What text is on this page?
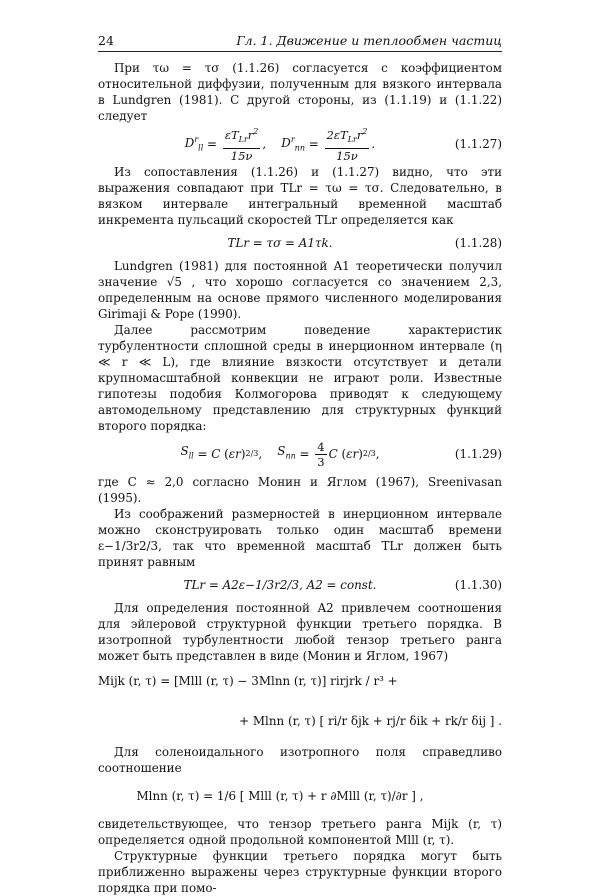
24	Гл. 1. Движение и теплообмен частиц

При τω = τσ (1.1.26) согласуется с коэффициентом относительной диффузии, полученным для вязкого интервала в Lundgren (1981). С другой стороны, из (1.1.19) и (1.1.22) следует

$D^r_{ll} = \frac{\varepsilon T_{Lr}r^2}{15\nu}$ , $D^r_{nn} = \frac{2\varepsilon T_{Lr}r^2}{15\nu}$ .	(1.1.27)

Из сопоставления (1.1.26) и (1.1.27) видно, что эти выражения совпадают при TLr = τω = τσ. Следовательно, в вязком интервале интегральный временной масштаб инкремента пульсаций скоростей TLr определяется как

TLr = τσ = A1τk.	(1.1.28)

Lundgren (1981) для постоянной A1 теоретически получил значение √5 , что хорошо согласуется со значением 2,3, определенным на основе прямого численного моделирования Girimaji & Pope (1990).

Далее рассмотрим поведение характеристик турбулентности сплошной среды в инерционном интервале (η ≪ r ≪ L), где влияние вязкости отсутствует и детали крупномасштабной конвекции не играют роли. Известные гипотезы подобия Колмогорова приводят к следующему автомодельному представлению для структурных функций второго порядка:

$S_{ll} = C$ ( εr ) 2/3 , $S_{nn} = \frac{4}{3}$ C ( εr ) 2/3 ,	(1.1.29)

где C ≈ 2,0 согласно Монин и Яглом (1967), Sreenivasan (1995).

Из соображений размерностей в инерционном интервале можно сконструировать только один масштаб времени ε−1/3r2/3, так что временной масштаб TLr должен быть принят равным

TLr = A2ε−1/3r2/3, A2 = const.	(1.1.30)

Для определения постоянной A2 привлечем соотношения для эйлеровой структурной функции третьего порядка. В изотропной турбулентности любой тензор третьего ранга может быть представлен в виде (Монин и Яглом, 1967)

Mijk (r, τ) = [Mlll (r, τ) − 3Mlnn (r, τ)] rirjrk / r³ +
+ Mlnn (r, τ) [ ri/r δjk + rj/r δik + rk/r δij ] .

Для соленоидального изотропного поля справедливо соотношение

Mlnn (r, τ) = 1/6 [ Mlll (r, τ) + r ∂Mlll (r, τ)/∂r ] ,

свидетельствующее, что тензор третьего ранга Mijk (r, τ) определяется одной продольной компонентой Mlll (r, τ).

Структурные функции третьего порядка могут быть приближенно выражены через структурные функции второго порядка при помо-
